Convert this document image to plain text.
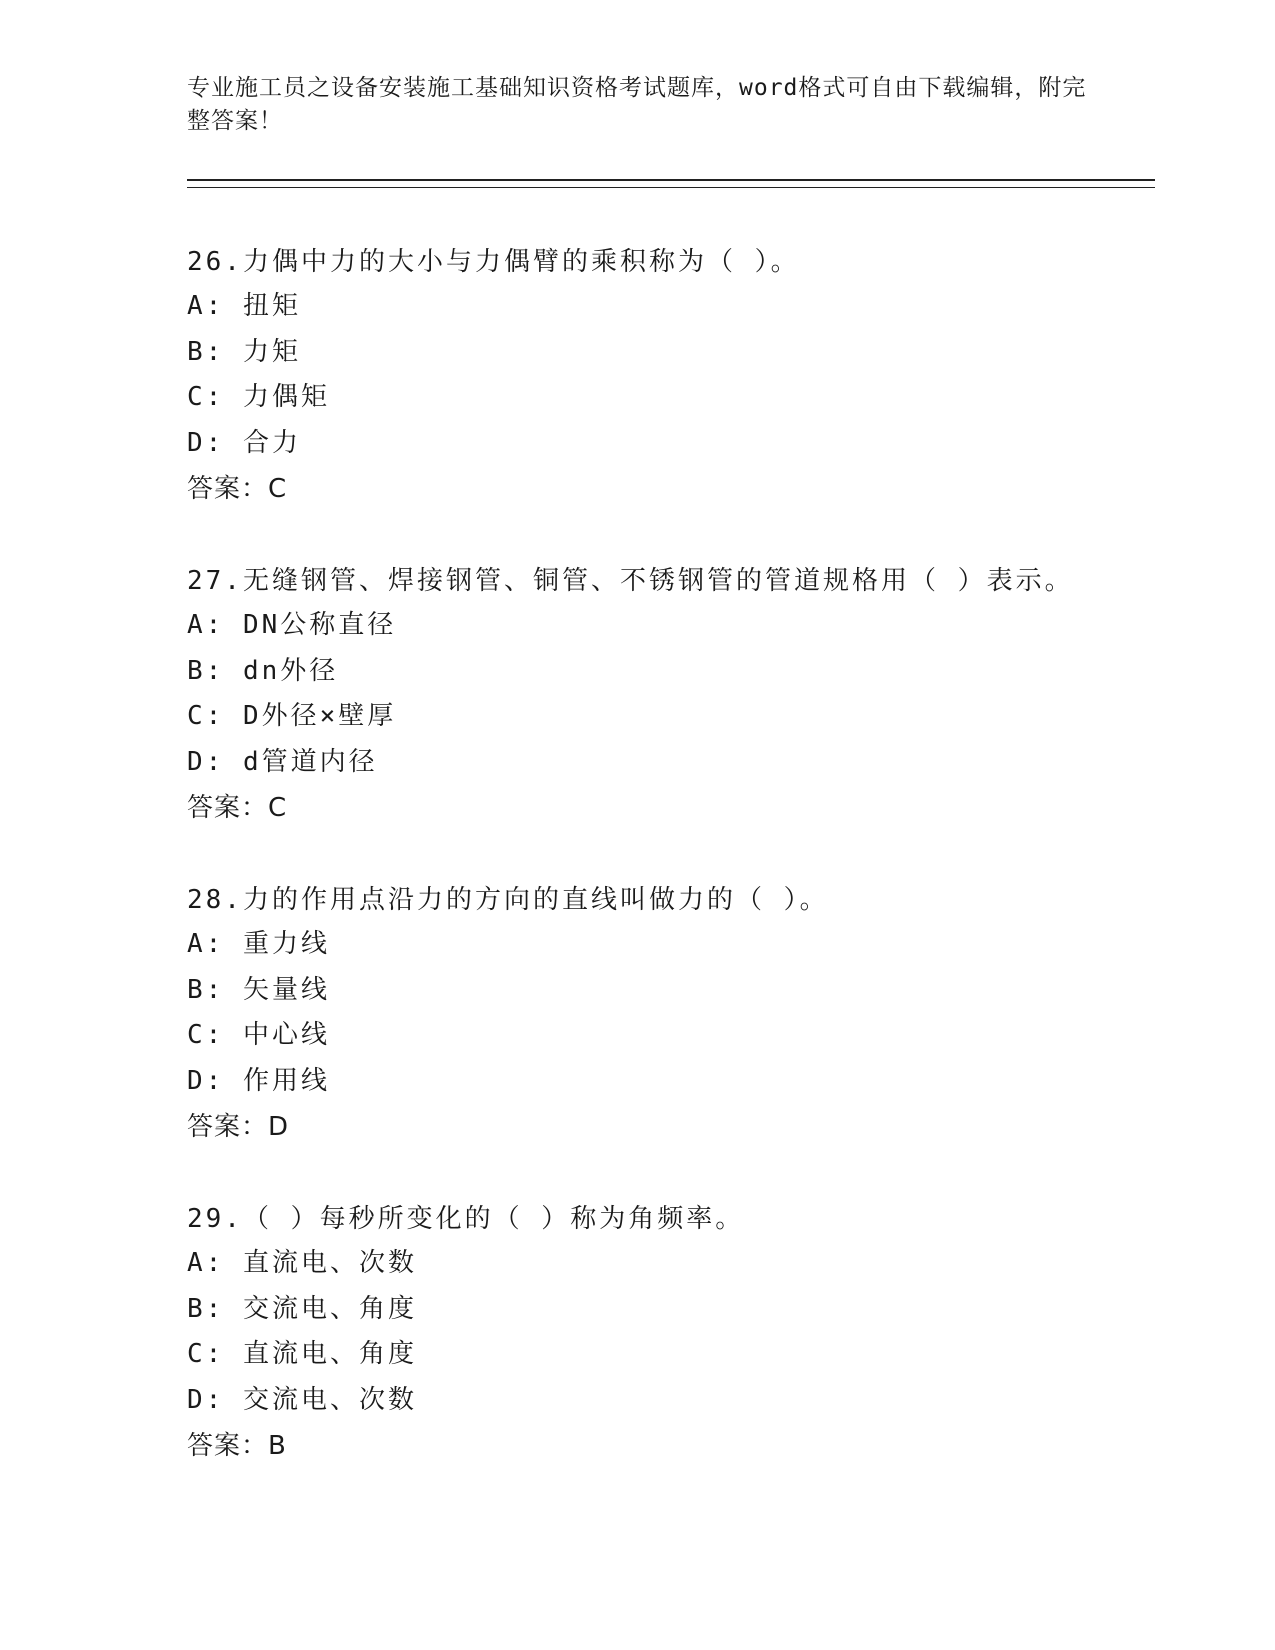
专业施工员之设备安装施工基础知识资格考试题库，word格式可自由下载编辑，附完整答案！

26.力偶中力的大小与力偶臂的乘积称为（ ）。

A: 扭矩

B: 力矩

C: 力偶矩

D: 合力

答案：C

27.无缝钢管、焊接钢管、铜管、不锈钢管的管道规格用（ ）表示。

A: DN公称直径

B: dn外径

C: D外径×壁厚

D: d管道内径

答案：C

28.力的作用点沿力的方向的直线叫做力的（ ）。

A: 重力线

B: 矢量线

C: 中心线

D: 作用线

答案：D

29.（ ）每秒所变化的（ ）称为角频率。

A: 直流电、次数

B: 交流电、角度

C: 直流电、角度

D: 交流电、次数

答案：B
